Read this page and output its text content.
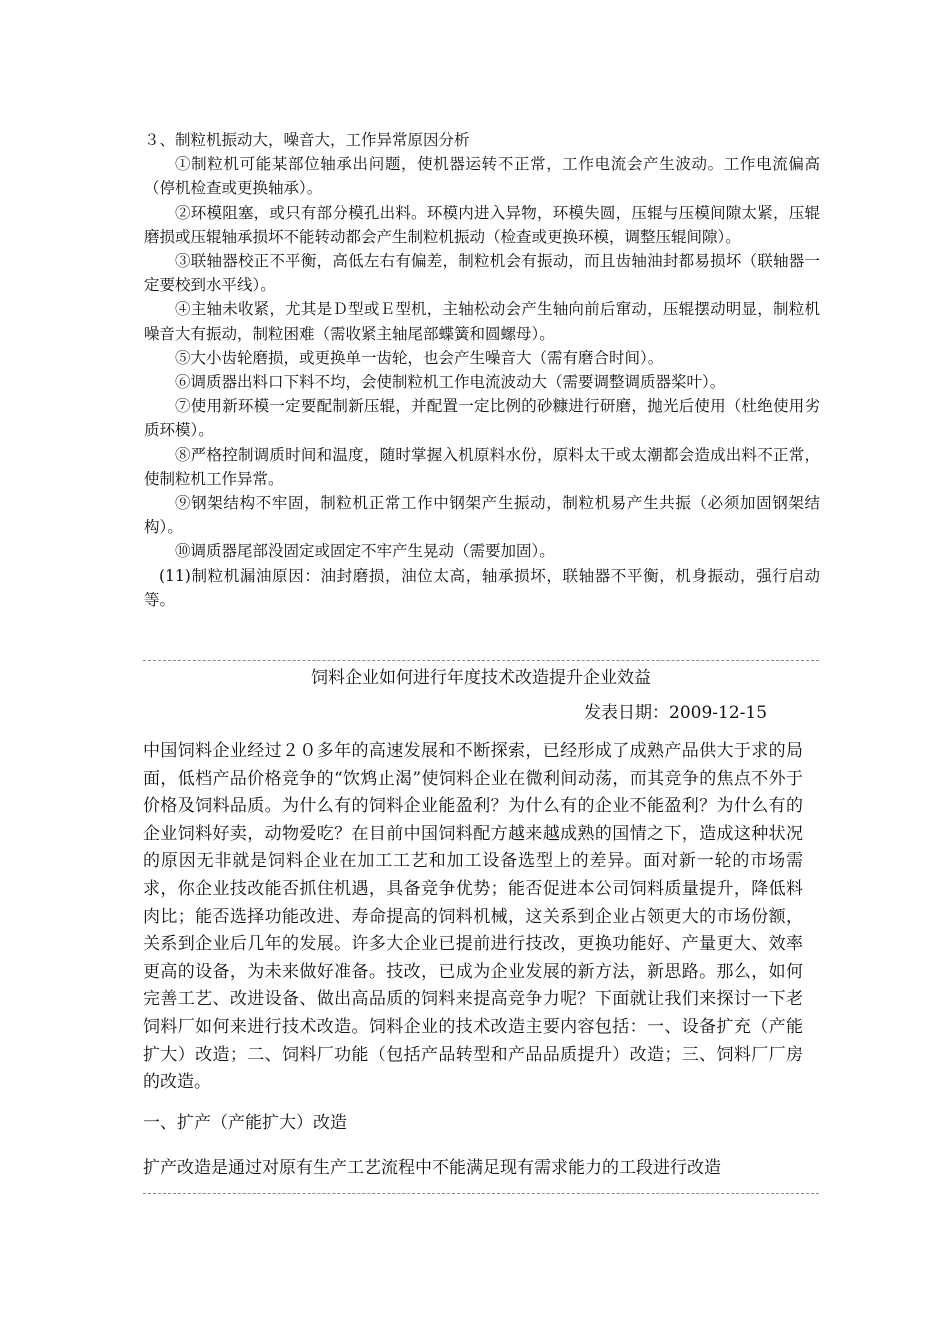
３、制粒机振动大，噪音大，工作异常原因分析

①制粒机可能某部位轴承出问题，使机器运转不正常，工作电流会产生波动。工作电流偏高（停机检查或更换轴承）。

②环模阻塞，或只有部分模孔出料。环模内进入异物，环模失圆，压辊与压模间隙太紧，压辊磨损或压辊轴承损坏不能转动都会产生制粒机振动（检查或更换环模，调整压辊间隙）。

③联轴器校正不平衡，高低左右有偏差，制粒机会有振动，而且齿轴油封都易损坏（联轴器一定要校到水平线）。

④主轴未收紧，尤其是Ｄ型或Ｅ型机，主轴松动会产生轴向前后窜动，压辊摆动明显，制粒机噪音大有振动，制粒困难（需收紧主轴尾部蝶簧和圆螺母）。

⑤大小齿轮磨损，或更换单一齿轮，也会产生噪音大（需有磨合时间）。

⑥调质器出料口下料不均，会使制粒机工作电流波动大（需要调整调质器桨叶）。

⑦使用新环模一定要配制新压辊，并配置一定比例的砂糠进行研磨，抛光后使用（杜绝使用劣质环模）。

⑧严格控制调质时间和温度，随时掌握入机原料水份，原料太干或太潮都会造成出料不正常，使制粒机工作异常。

⑨钢架结构不牢固，制粒机正常工作中钢架产生振动，制粒机易产生共振（必须加固钢架结构）。

⑩调质器尾部没固定或固定不牢产生晃动（需要加固）。

(11)制粒机漏油原因：油封磨损，油位太高，轴承损坏，联轴器不平衡，机身振动，强行启动等。

饲料企业如何进行年度技术改造提升企业效益
发表日期：2009-12-15

中国饲料企业经过２０多年的高速发展和不断探索，已经形成了成熟产品供大于求的局面，低档产品价格竞争的“饮鸩止渴”使饲料企业在微利间动荡，而其竞争的焦点不外于价格及饲料品质。为什么有的饲料企业能盈利？为什么有的企业不能盈利？为什么有的企业饲料好卖，动物爱吃？在目前中国饲料配方越来越成熟的国情之下，造成这种状况的原因无非就是饲料企业在加工工艺和加工设备选型上的差异。面对新一轮的市场需求，你企业技改能否抓住机遇，具备竞争优势；能否促进本公司饲料质量提升，降低料肉比；能否选择功能改进、寿命提高的饲料机械，这关系到企业占领更大的市场份额，关系到企业后几年的发展。许多大企业已提前进行技改，更换功能好、产量更大、效率更高的设备，为未来做好准备。技改，已成为企业发展的新方法，新思路。那么，如何完善工艺、改进设备、做出高品质的饲料来提高竞争力呢？下面就让我们来探讨一下老饲料厂如何来进行技术改造。饲料企业的技术改造主要内容包括：一、设备扩充（产能扩大）改造；二、饲料厂功能（包括产品转型和产品品质提升）改造；三、饲料厂厂房的改造。

一、扩产（产能扩大）改造

扩产改造是通过对原有生产工艺流程中不能满足现有需求能力的工段进行改造
